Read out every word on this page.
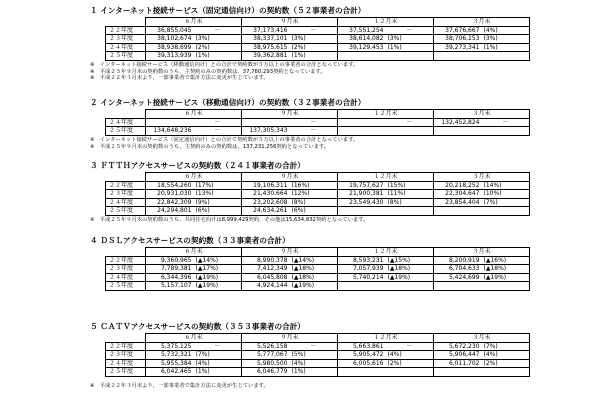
１ インターネット接続サービス（固定通信向け）の契約数（５２事業者の合計）
	６月末		９月末		１２月末		３月末	
２２年度	36,855,045	－	37,173,416	－	37,551,254	－	37,676,667	(4%)
２３年度	38,102,674	(3%)	38,337,101	(3%)	38,614,082	(3%)	38,706,153	(3%)
２４年度	38,938,699	(2%)	38,975,615	(2%)	39,129,453	(1%)	39,273,341	(1%)
２５年度	39,313,939	(1%)	39,362,881	(1%)				
※　インターネット接続サービス（移動通信向け）との合計で契約数が５万以上の事業者の合計となっています。
※　平成２５年９月末の契約数のうち，主契約のみの契約数は，37,760,293契約となっています。
※　平成２２年３月末より，一部事業者で集計方法に変更が生じています。
２ インターネット接続サービス（移動通信向け）の契約数（３２事業者の合計）
	６月末		９月末		１２月末		３月末	
２４年度		－		－		－	132,452,824	－
２５年度	134,648,236	－	137,305,343	－				
※　インターネット接続サービス（固定通信向け）との合計で契約数が５万以上の事業者の合計となっています。
※　平成２５年９月末の契約数のうち，主契約のみの契約数は，137,231,256契約となっています。
３ ＦＴＴＨアクセスサービスの契約数（２４１事業者の合計）
	６月末		９月末		１２月末		３月末	
２２年度	18,554,260	(17%)	19,106,311	(16%)	19,757,627	(15%)	20,218,252	(14%)
２３年度	20,931,030	(13%)	21,430,664	(12%)	21,900,381	(11%)	22,304,647	(10%)
２４年度	22,842,309	(9%)	23,202,608	(8%)	23,549,430	(8%)	23,854,404	(7%)
２５年度	24,294,801	(6%)	24,634,261	(6%)				
※　平成２５年９月末の契約数のうち，共同住宅向けは8,999,429契約，その他は15,634,832契約となっています。
４ ＤＳＬアクセスサービスの契約数（３３事業者の合計）
	６月末		９月末		１２月末		３月末	
２２年度	9,360,965	(▲14%)	8,990,378	(▲14%)	8,593,231	(▲15%)	8,200,919	(▲16%)
２３年度	7,789,381	(▲17%)	7,412,349	(▲18%)	7,057,939	(▲18%)	6,704,633	(▲18%)
２４年度	6,344,396	(▲19%)	6,045,808	(▲18%)	5,740,214	(▲19%)	5,424,699	(▲19%)
２５年度	5,157,107	(▲19%)	4,924,144	(▲19%)				
５ ＣＡＴＶアクセスサービスの契約数（３５３事業者の合計）
	６月末		９月末		１２月末		３月末	
２２年度	5,375,125	－	5,526,158	－	5,663,861	－	5,672,230	(7%)
２３年度	5,732,321	(7%)	5,777,067	(5%)	5,905,472	(4%)	5,906,447	(4%)
２４年度	5,955,384	(4%)	5,980,500	(4%)	6,005,616	(2%)	6,011,702	(2%)
２５年度	6,042,465	(1%)	6,046,779	(1%)				
※　平成２２年３月末より，一部事業者で集計方法に変更が生じています。
